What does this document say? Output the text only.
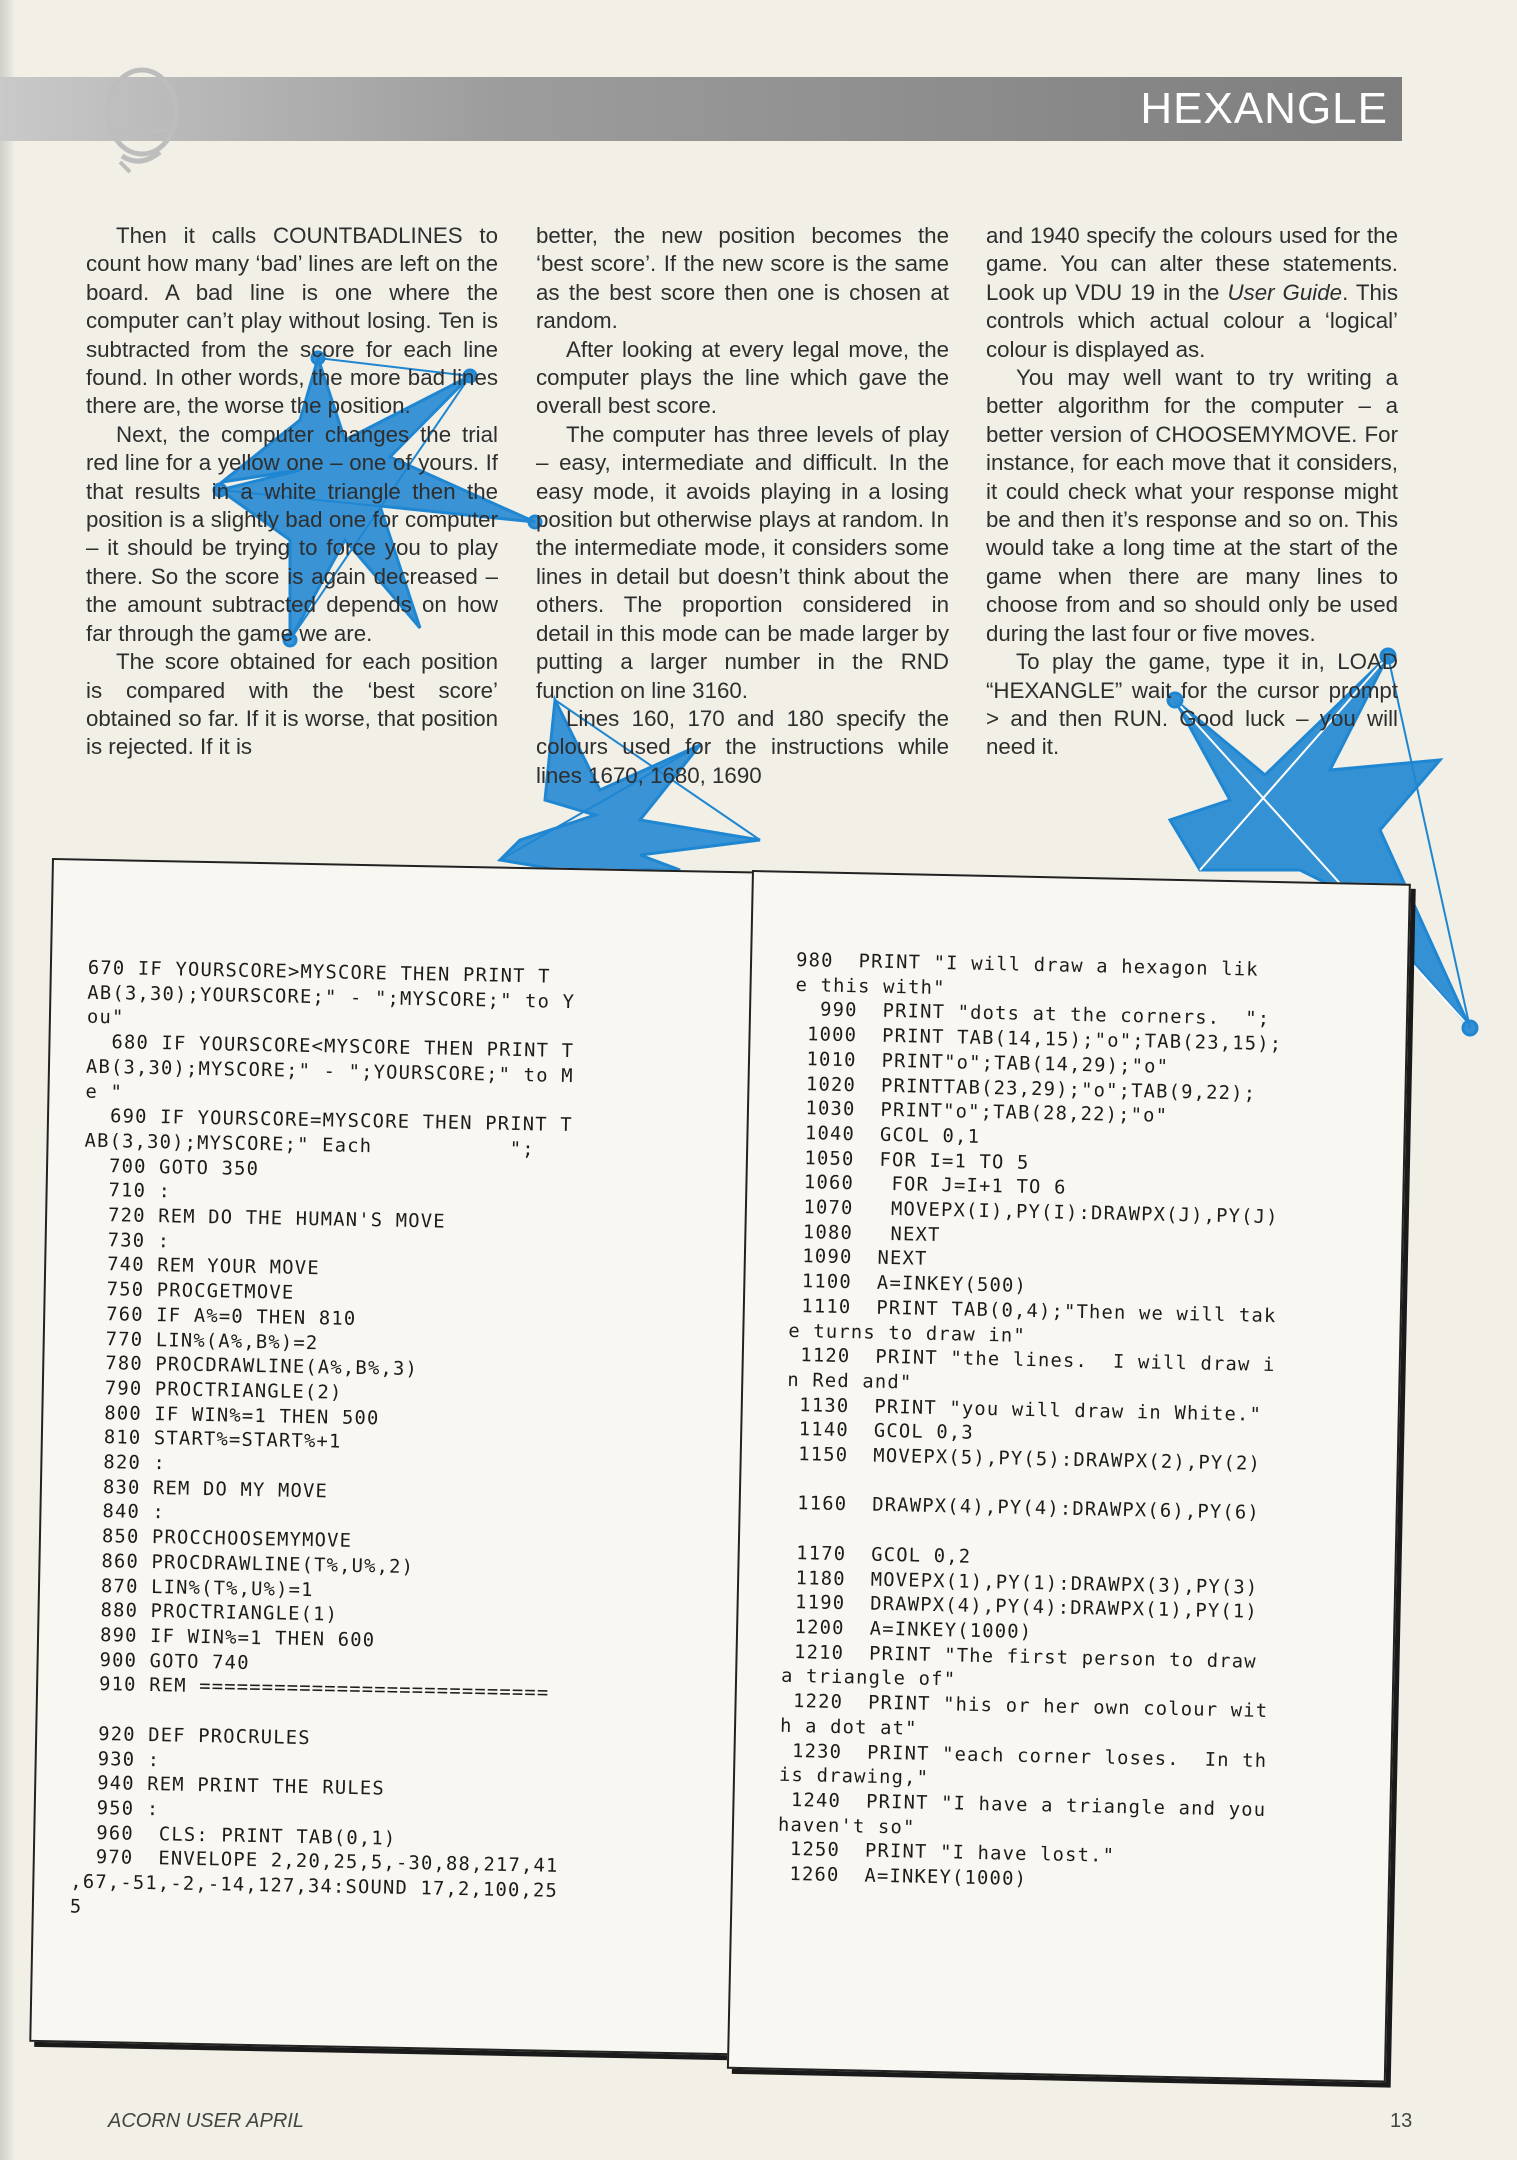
HEXANGLE

Then it calls COUNTBADLINES to count how many ‘bad’ lines are left on the board. A bad line is one where the computer can’t play without losing. Ten is subtracted from the score for each line found. In other words, the more bad lines there are, the worse the position.

Next, the computer changes the trial red line for a yellow one – one of yours. If that results in a white triangle then the position is a slightly bad one for computer – it should be trying to force you to play there. So the score is again decreased – the amount subtracted depends on how far through the game we are.

The score obtained for each position is compared with the ‘best score’ obtained so far. If it is worse, that position is rejected. If it is

better, the new position becomes the ‘best score’. If the new score is the same as the best score then one is chosen at random.

After looking at every legal move, the computer plays the line which gave the overall best score.

The computer has three levels of play – easy, intermediate and difficult. In the easy mode, it avoids playing in a losing position but otherwise plays at random. In the intermediate mode, it considers some lines in detail but doesn’t think about the others. The proportion considered in detail in this mode can be made larger by putting a larger number in the RND function on line 3160.

Lines 160, 170 and 180 specify the colours used for the instructions while lines 1670, 1680, 1690

and 1940 specify the colours used for the game. You can alter these statements. Look up VDU 19 in the User Guide. This controls which actual colour a ‘logical’ colour is displayed as.

You may well want to try writing a better algorithm for the computer – a better version of CHOOSEMYMOVE. For instance, for each move that it considers, it could check what your response might be and then it’s response and so on. This would take a long time at the start of the game when there are many lines to choose from and so should only be used during the last four or five moves.

To play the game, type it in, LOAD “HEXANGLE” wait for the cursor prompt > and then RUN. Good luck – you will need it.

670 IF YOURSCORE>MYSCORE THEN PRINT T
AB(3,30);YOURSCORE;" - ";MYSCORE;" to Y
ou"
680 IF YOURSCORE<MYSCORE THEN PRINT T
AB(3,30);MYSCORE;" - ";YOURSCORE;" to M
e "
690 IF YOURSCORE=MYSCORE THEN PRINT T
AB(3,30);MYSCORE;" Each           ";
700 GOTO 350
710 :
720 REM DO THE HUMAN'S MOVE
730 :
740 REM YOUR MOVE
750 PROCGETMOVE
760 IF A%=0 THEN 810
770 LIN%(A%,B%)=2
780 PROCDRAWLINE(A%,B%,3)
790 PROCTRIANGLE(2)
800 IF WIN%=1 THEN 500
810 START%=START%+1
820 :
830 REM DO MY MOVE
840 :
850 PROCCHOOSEMYMOVE
860 PROCDRAWLINE(T%,U%,2)
870 LIN%(T%,U%)=1
880 PROCTRIANGLE(1)
890 IF WIN%=1 THEN 600
900 GOTO 740
910 REM ============================

920 DEF PROCRULES
930 :
940 REM PRINT THE RULES
950 :
960  CLS: PRINT TAB(0,1)
970  ENVELOPE 2,20,25,5,-30,88,217,41
,67,-51,-2,-14,127,34:SOUND 17,2,100,25
5
980  PRINT "I will draw a hexagon lik
e this with"
990  PRINT "dots at the corners.  ";
1000  PRINT TAB(14,15);"o";TAB(23,15);
1010  PRINT"o";TAB(14,29);"o"
1020  PRINTTAB(23,29);"o";TAB(9,22);
1030  PRINT"o";TAB(28,22);"o"
1040  GCOL 0,1
1050  FOR I=1 TO 5
1060   FOR J=I+1 TO 6
1070   MOVEPX(I),PY(I):DRAWPX(J),PY(J)
1080   NEXT
1090  NEXT
1100  A=INKEY(500)
1110  PRINT TAB(0,4);"Then we will tak
e turns to draw in"
1120  PRINT "the lines.  I will draw i
n Red and"
1130  PRINT "you will draw in White."
1140  GCOL 0,3
1150  MOVEPX(5),PY(5):DRAWPX(2),PY(2)

1160  DRAWPX(4),PY(4):DRAWPX(6),PY(6)

1170  GCOL 0,2
1180  MOVEPX(1),PY(1):DRAWPX(3),PY(3)
1190  DRAWPX(4),PY(4):DRAWPX(1),PY(1)
1200  A=INKEY(1000)
1210  PRINT "The first person to draw
a triangle of"
1220  PRINT "his or her own colour wit
h a dot at"
1230  PRINT "each corner loses.  In th
is drawing,"
1240  PRINT "I have a triangle and you
haven't so"
1250  PRINT "I have lost."
1260  A=INKEY(1000)
ACORN USER APRIL	13
